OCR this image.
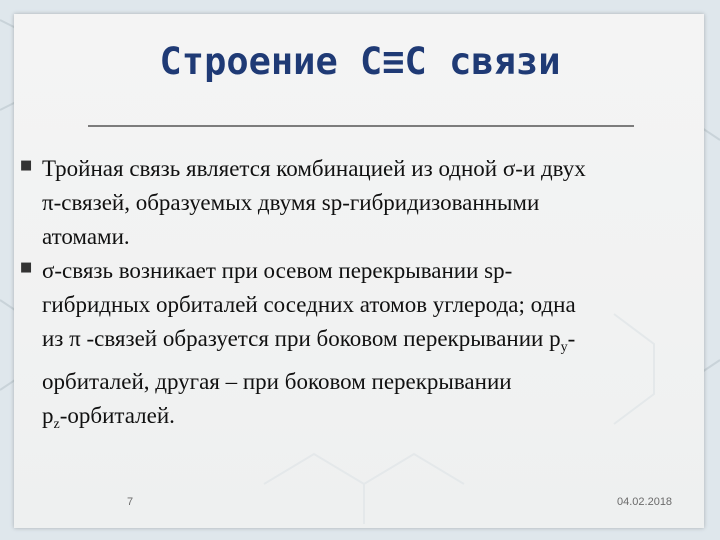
Строение C≡C связи
■
Тройная связь является комбинацией из одной σ-и двух
π-связей, образуемых двумя sp-гибридизованными
атомами.
■
σ-связь возникает при осевом перекрывании sp-
гибридных орбиталей соседних атомов углерода; одна
из π -связей образуется при боковом перекрывании $p_y-$
орбиталей, другая – при боковом перекрывании
$p_z$-орбиталей.
7	04.02.2018
